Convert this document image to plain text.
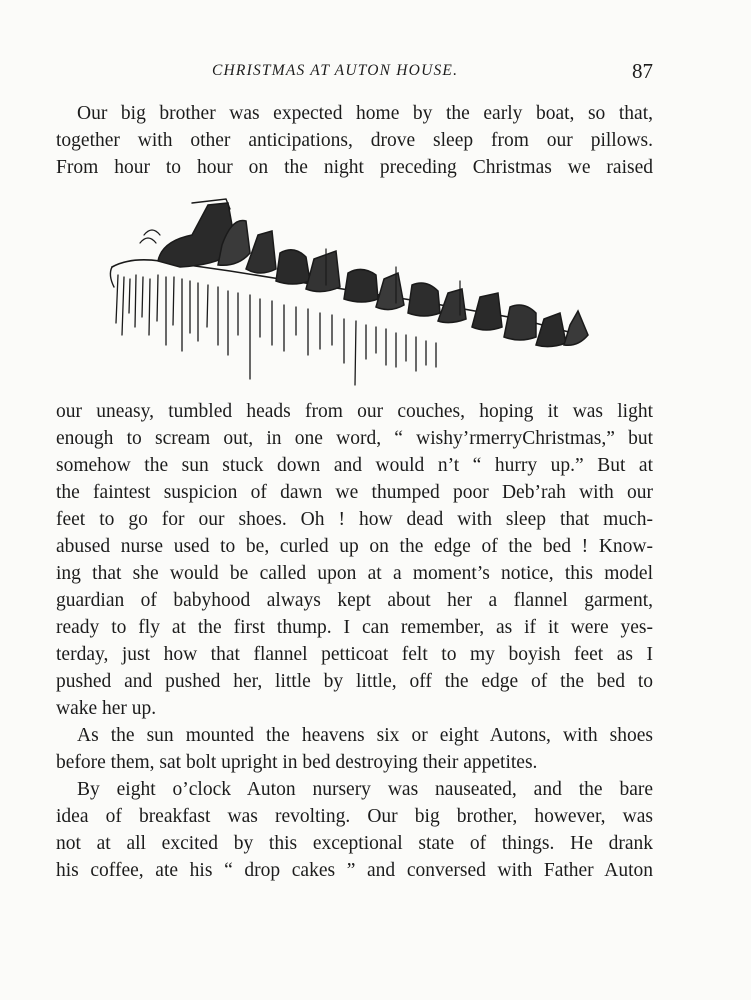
CHRISTMAS AT AUTON HOUSE.	87
Our big brother was expected home by the early boat, so that,
together with other anticipations, drove sleep from our pillows.
From hour to hour on the night preceding Christmas we raised
our uneasy, tumbled heads from our couches, hoping it was light
enough to scream out, in one word, “ wishy’rmerryChristmas,” but
somehow the sun stuck down and would n’t “ hurry up.” But at
the faintest suspicion of dawn we thumped poor Deb’rah with our
feet to go for our shoes. Oh ! how dead with sleep that much-
abused nurse used to be, curled up on the edge of the bed ! Know-
ing that she would be called upon at a moment’s notice, this model
guardian of babyhood always kept about her a flannel garment,
ready to fly at the first thump. I can remember, as if it were yes-
terday, just how that flannel petticoat felt to my boyish feet as I
pushed and pushed her, little by little, off the edge of the bed to
wake her up.
As the sun mounted the heavens six or eight Autons, with shoes
before them, sat bolt upright in bed destroying their appetites.
By eight o’clock Auton nursery was nauseated, and the bare
idea of breakfast was revolting. Our big brother, however, was
not at all excited by this exceptional state of things. He drank
his coffee, ate his “ drop cakes ” and conversed with Father Auton
